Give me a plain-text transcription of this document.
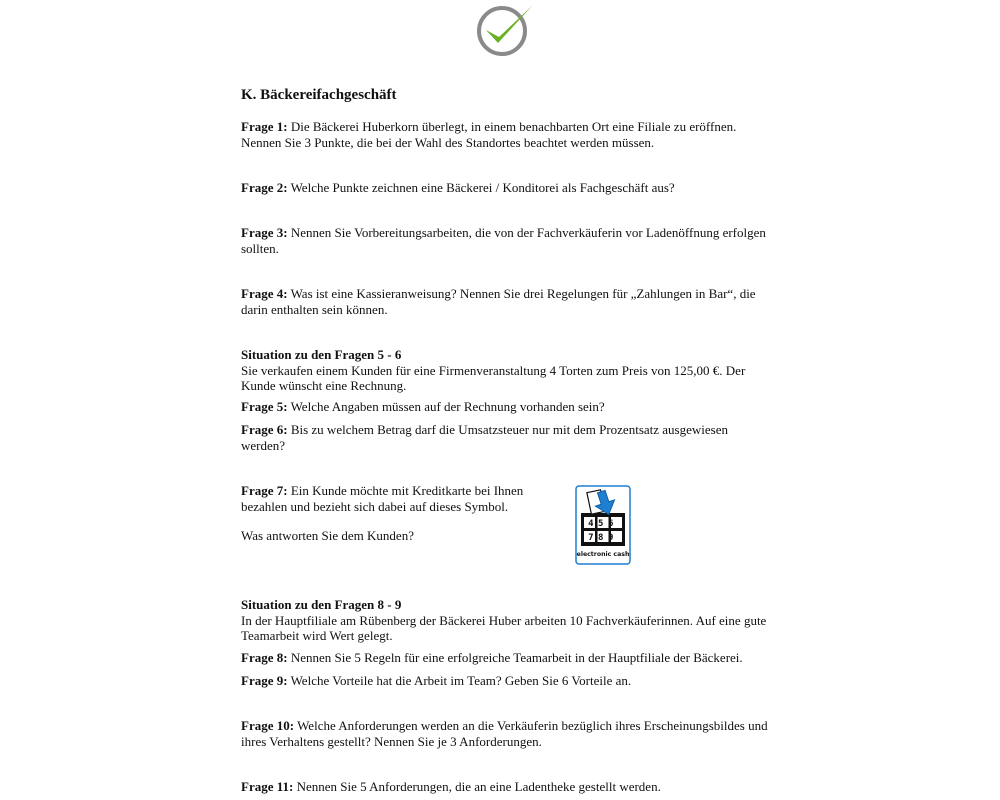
K. Bäckereifachgeschäft

Frage 1: Die Bäckerei Huberkorn überlegt, in einem benachbarten Ort eine Filiale zu eröffnen. Nennen Sie 3 Punkte, die bei der Wahl des Standortes beachtet werden müssen.

Frage 2: Welche Punkte zeichnen eine Bäckerei / Konditorei als Fachgeschäft aus?

Frage 3: Nennen Sie Vorbereitungsarbeiten, die von der Fachverkäuferin vor Ladenöffnung erfolgen sollten.

Frage 4: Was ist eine Kassieranweisung? Nennen Sie drei Regelungen für „Zahlungen in Bar“, die darin enthalten sein können.

Situation zu den Fragen 5 - 6
Sie verkaufen einem Kunden für eine Firmenveranstaltung 4 Torten zum Preis von 125,00 €. Der Kunde wünscht eine Rechnung.

Frage 5: Welche Angaben müssen auf der Rechnung vorhanden sein?

Frage 6: Bis zu welchem Betrag darf die Umsatzsteuer nur mit dem Prozentsatz ausgewiesen werden?

Frage 7: Ein Kunde möchte mit Kreditkarte bei Ihnen bezahlen und bezieht sich dabei auf dieses Symbol.

Was antworten Sie dem Kunden?

456
789
electronic cash

Situation zu den Fragen 8 - 9
In der Hauptfiliale am Rübenberg der Bäckerei Huber arbeiten 10 Fachverkäuferinnen. Auf eine gute Teamarbeit wird Wert gelegt.

Frage 8: Nennen Sie 5 Regeln für eine erfolgreiche Teamarbeit in der Hauptfiliale der Bäckerei.

Frage 9: Welche Vorteile hat die Arbeit im Team? Geben Sie 6 Vorteile an.

Frage 10: Welche Anforderungen werden an die Verkäuferin bezüglich ihres Erscheinungsbildes und ihres Verhaltens gestellt? Nennen Sie je 3 Anforderungen.

Frage 11: Nennen Sie 5 Anforderungen, die an eine Ladentheke gestellt werden.
